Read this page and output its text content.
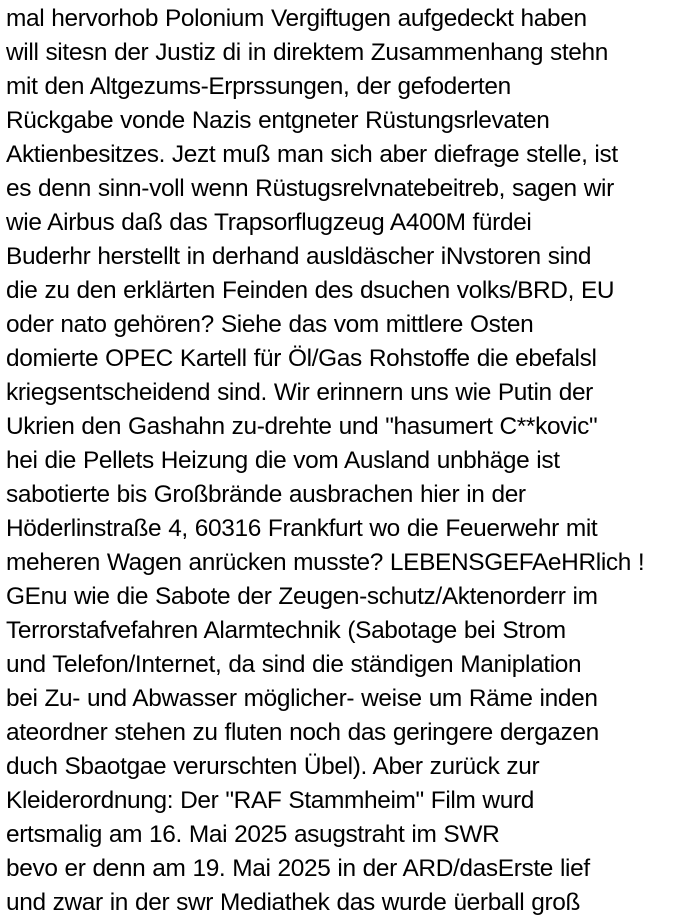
mal hervorhob Polonium Vergiftugen aufgedeckt haben
will sitesn der Justiz di in direktem Zusammenhang stehn
mit den Altgezums-Erprssungen, der gefoderten
Rückgabe vonde Nazis entgneter Rüstungsrlevaten
Aktienbesitzes. Jezt muß man sich aber diefrage stelle, ist
es denn sinn-voll wenn Rüstugsrelvnatebeitreb, sagen wir
wie Airbus daß das Trapsorflugzeug A400M fürdei
Buderhr herstellt in derhand ausldäscher iNvstoren sind
die zu den erklärten Feinden des dsuchen volks/BRD, EU
oder nato gehören? Siehe das vom mittlere Osten
domierte OPEC Kartell für Öl/Gas Rohstoffe die ebefalsl
kriegsentscheidend sind. Wir erinnern uns wie Putin der
Ukrien den Gashahn zu-drehte und "hasumert C**kovic"
hei die Pellets Heizung die vom Ausland unbhäge ist
sabotierte bis Großbrände ausbrachen hier in der
Höderlinstraße 4, 60316 Frankfurt wo die Feuerwehr mit
meheren Wagen anrücken musste? LEBENSGEFAeHRlich !
GEnu wie die Sabote der Zeugen-schutz/Aktenorderr im
Terrorstafvefahren Alarmtechnik (Sabotage bei Strom
und Telefon/Internet, da sind die ständigen Maniplation
bei Zu- und Abwasser möglicher- weise um Räme inden
ateordner stehen zu fluten noch das geringere dergazen
duch Sbaotgae verurschten Übel). Aber zurück zur
Kleiderordnung: Der "RAF Stammheim" Film wurd
ertsmalig am 16. Mai 2025 asugstraht im SWR
bevo er denn am 19. Mai 2025 in der ARD/dasErste lief
und zwar in der swr Mediathek das wurde üerball groß
